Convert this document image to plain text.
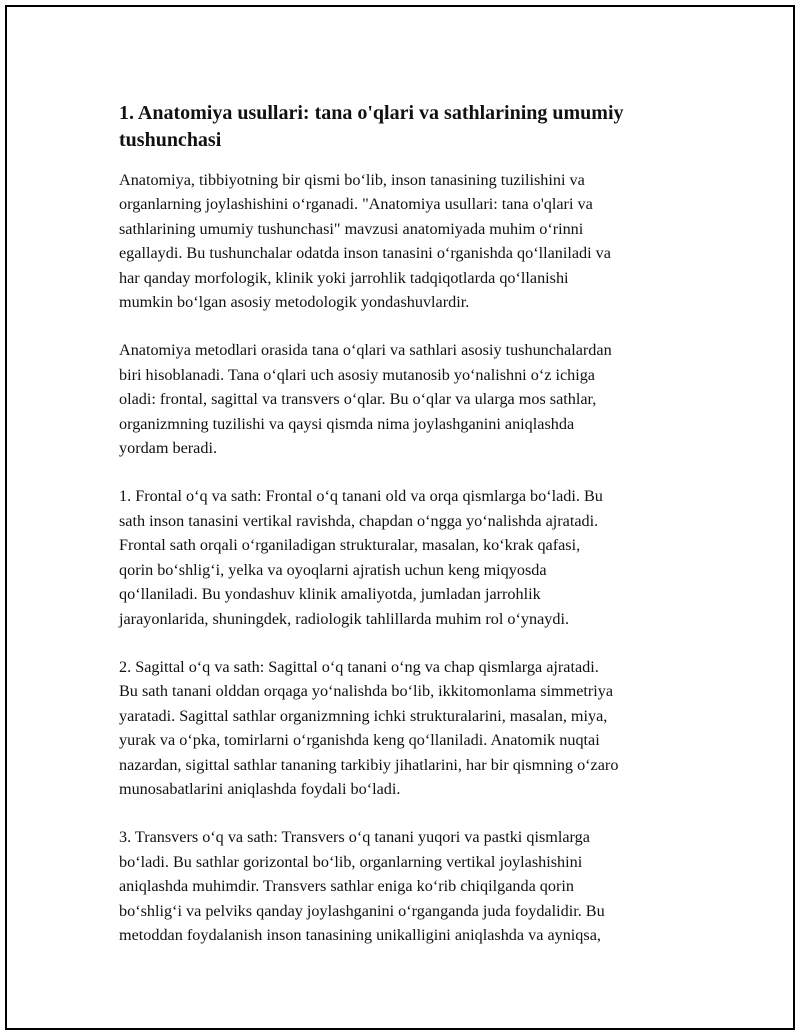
1. Anatomiya usullari: tana o'qlari va sathlarining umumiy
tushunchasi

Anatomiya, tibbiyotning bir qismi bo‘lib, inson tanasining tuzilishini va
organlarning joylashishini o‘rganadi. "Anatomiya usullari: tana o'qlari va
sathlarining umumiy tushunchasi" mavzusi anatomiyada muhim o‘rinni
egallaydi. Bu tushunchalar odatda inson tanasini o‘rganishda qo‘llaniladi va
har qanday morfologik, klinik yoki jarrohlik tadqiqotlarda qo‘llanishi
mumkin bo‘lgan asosiy metodologik yondashuvlardir.

Anatomiya metodlari orasida tana o‘qlari va sathlari asosiy tushunchalardan
biri hisoblanadi. Tana o‘qlari uch asosiy mutanosib yo‘nalishni o‘z ichiga
oladi: frontal, sagittal va transvers o‘qlar. Bu o‘qlar va ularga mos sathlar,
organizmning tuzilishi va qaysi qismda nima joylashganini aniqlashda
yordam beradi.

1. Frontal o‘q va sath: Frontal o‘q tanani old va orqa qismlarga bo‘ladi. Bu
sath inson tanasini vertikal ravishda, chapdan o‘ngga yo‘nalishda ajratadi.
Frontal sath orqali o‘rganiladigan strukturalar, masalan, ko‘krak qafasi,
qorin bo‘shlig‘i, yelka va oyoqlarni ajratish uchun keng miqyosda
qo‘llaniladi. Bu yondashuv klinik amaliyotda, jumladan jarrohlik
jarayonlarida, shuningdek, radiologik tahlillarda muhim rol o‘ynaydi.

2. Sagittal o‘q va sath: Sagittal o‘q tanani o‘ng va chap qismlarga ajratadi.
Bu sath tanani olddan orqaga yo‘nalishda bo‘lib, ikkitomonlama simmetriya
yaratadi. Sagittal sathlar organizmning ichki strukturalarini, masalan, miya,
yurak va o‘pka, tomirlarni o‘rganishda keng qo‘llaniladi. Anatomik nuqtai
nazardan, sigittal sathlar tananing tarkibiy jihatlarini, har bir qismning o‘zaro
munosabatlarini aniqlashda foydali bo‘ladi.

3. Transvers o‘q va sath: Transvers o‘q tanani yuqori va pastki qismlarga
bo‘ladi. Bu sathlar gorizontal bo‘lib, organlarning vertikal joylashishini
aniqlashda muhimdir. Transvers sathlar eniga ko‘rib chiqilganda qorin
bo‘shlig‘i va pelviks qanday joylashganini o‘rganganda juda foydalidir. Bu
metoddan foydalanish inson tanasining unikalligini aniqlashda va ayniqsa,
